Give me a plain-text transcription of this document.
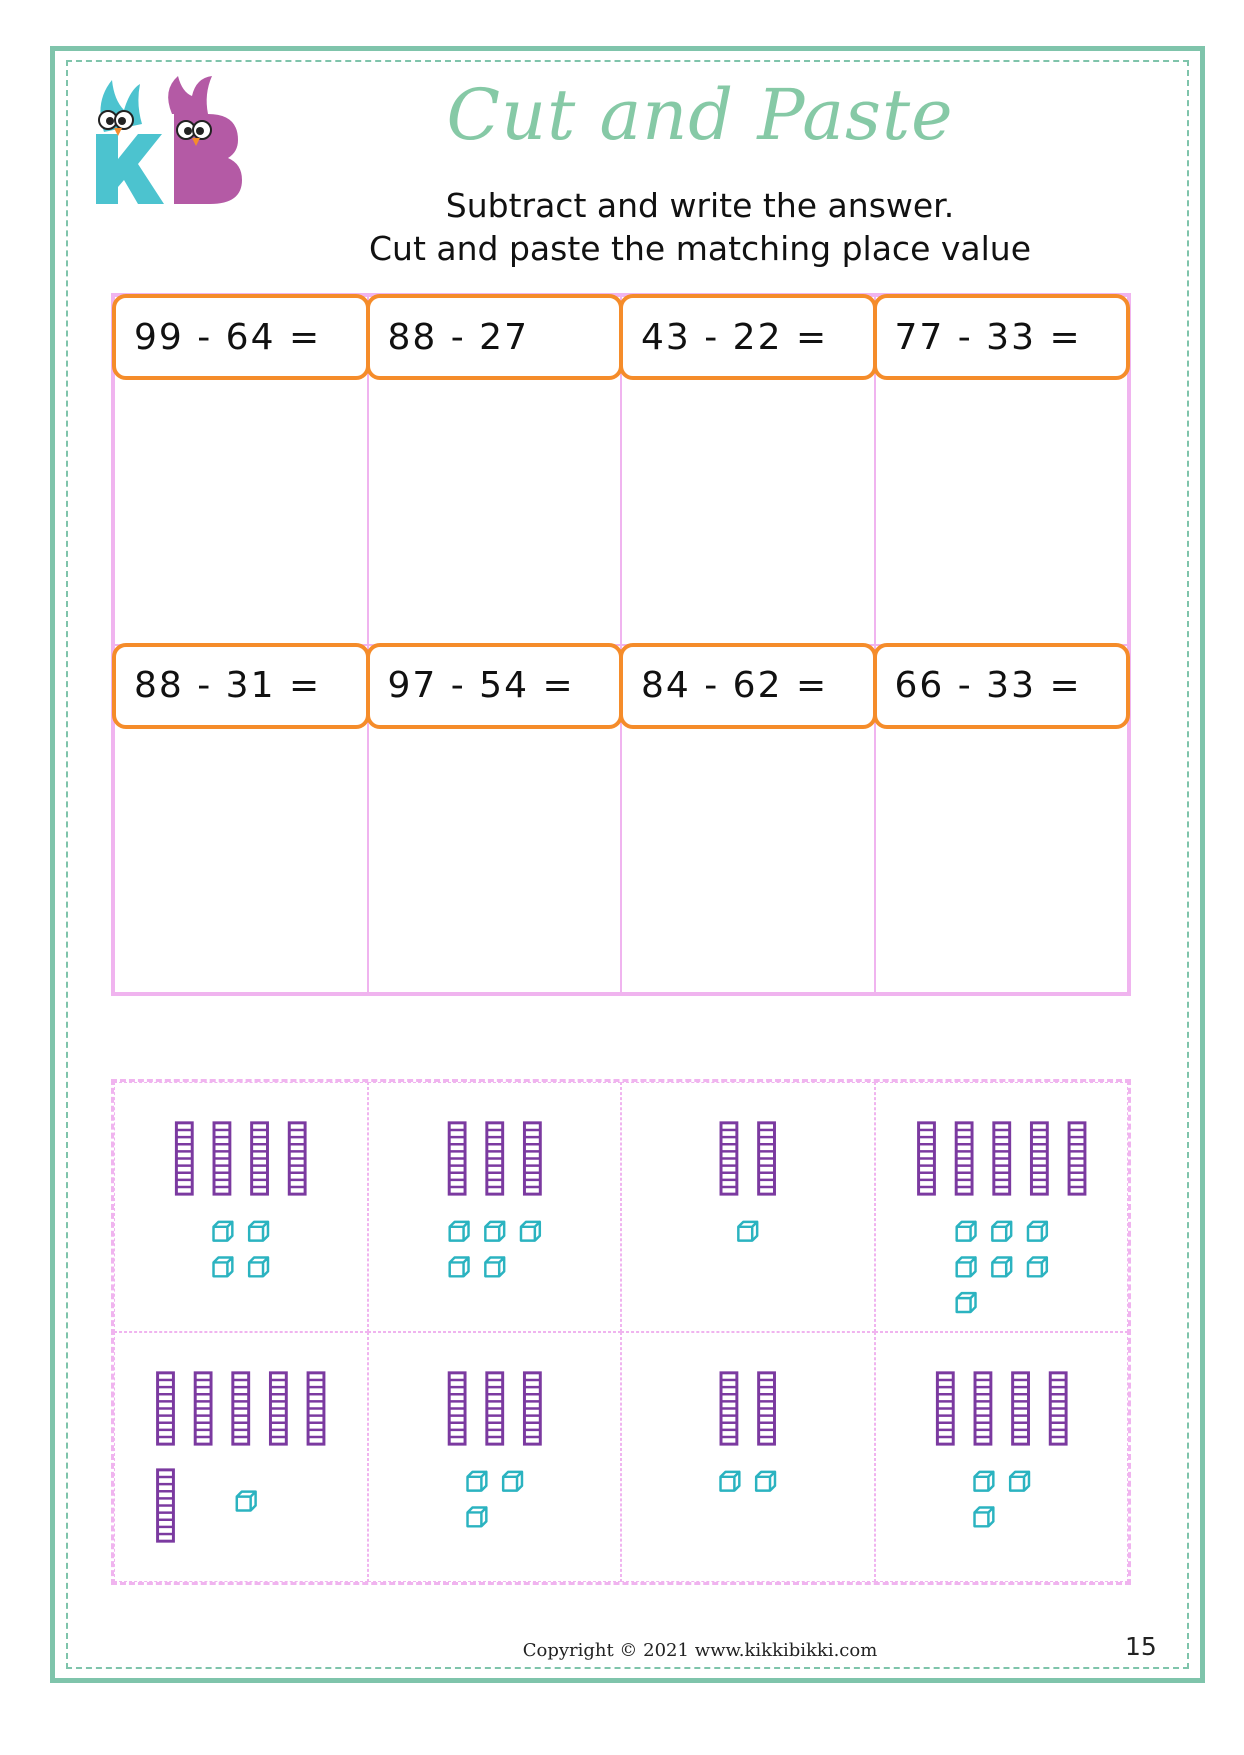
Cut and Paste
Subtract and write the answer.
Cut and paste the matching place value
99 - 64 =	88 - 27	43 - 22 =	77 - 33 =
88 - 31 =	97 - 54 =	84 - 62 =	66 - 33 =
Copyright © 2021 www.kikkibikki.com	15
